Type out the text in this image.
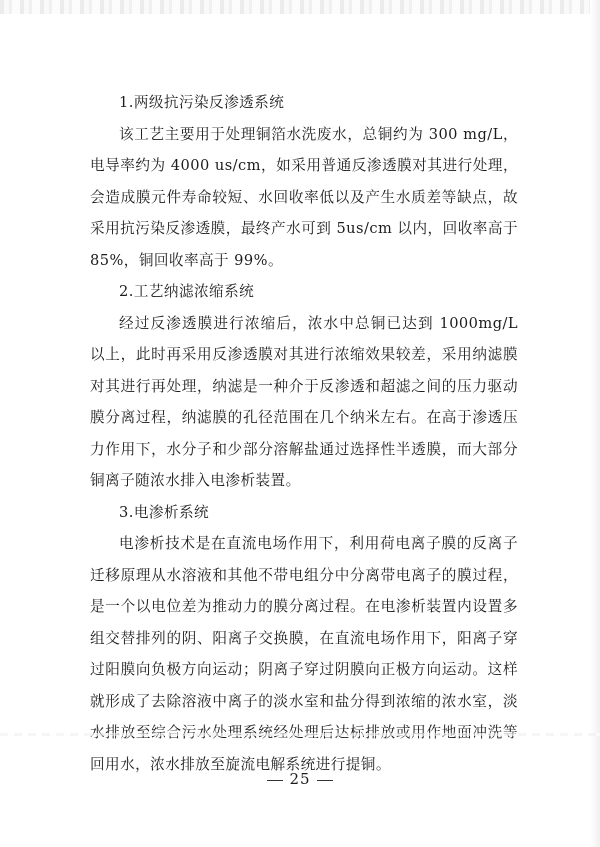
1.两级抗污染反渗透系统

该工艺主要用于处理铜箔水洗废水，总铜约为 300 mg/L，电导率约为 4000 us/cm，如采用普通反渗透膜对其进行处理，会造成膜元件寿命较短、水回收率低以及产生水质差等缺点，故采用抗污染反渗透膜，最终产水可到 5us/cm 以内，回收率高于 85%，铜回收率高于 99%。

2.工艺纳滤浓缩系统

经过反渗透膜进行浓缩后，浓水中总铜已达到 1000mg/L 以上，此时再采用反渗透膜对其进行浓缩效果较差，采用纳滤膜对其进行再处理，纳滤是一种介于反渗透和超滤之间的压力驱动膜分离过程，纳滤膜的孔径范围在几个纳米左右。在高于渗透压力作用下，水分子和少部分溶解盐通过选择性半透膜，而大部分铜离子随浓水排入电渗析装置。

3.电渗析系统

电渗析技术是在直流电场作用下，利用荷电离子膜的反离子迁移原理从水溶液和其他不带电组分中分离带电离子的膜过程，是一个以电位差为推动力的膜分离过程。在电渗析装置内设置多组交替排列的阴、阳离子交换膜，在直流电场作用下，阳离子穿过阳膜向负极方向运动；阴离子穿过阴膜向正极方向运动。这样就形成了去除溶液中离子的淡水室和盐分得到浓缩的浓水室，淡 回用水，浓水排放至旋流电解系统进行提铜。

25
